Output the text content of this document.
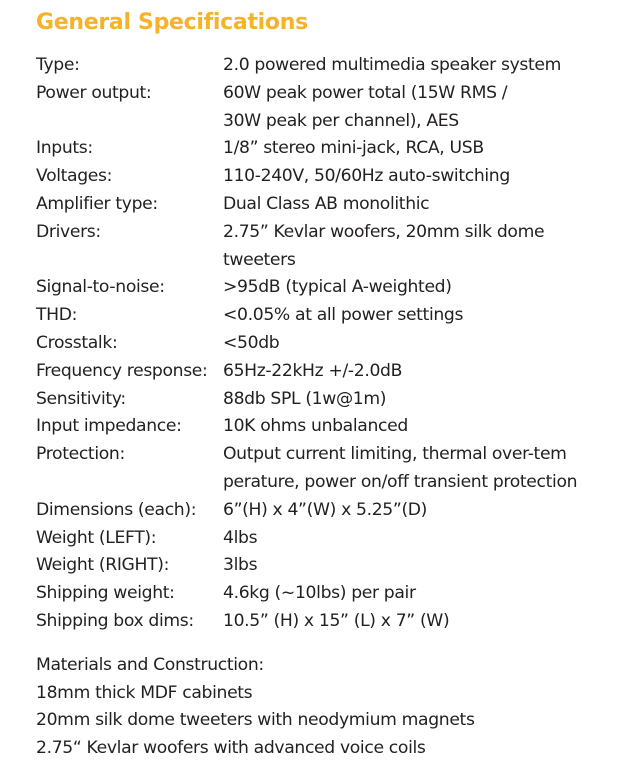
General Specifications
Type:	2.0 powered multimedia speaker system
Power output:	60W peak power total (15W RMS /
30W peak per channel), AES
Inputs:	1/8” stereo mini-jack, RCA, USB
Voltages:	110-240V, 50/60Hz auto-switching
Amplifier type:	Dual Class AB monolithic
Drivers:	2.75” Kevlar woofers, 20mm silk dome
tweeters
Signal-to-noise:	>95dB (typical A-weighted)
THD:	<0.05% at all power settings
Crosstalk:	<50db
Frequency response: 65Hz-22kHz +/-2.0dB
Sensitivity:	88db SPL (1w@1m)
Input impedance:	10K ohms unbalanced
Protection:	Output current limiting, thermal over-tem
perature, power on/off transient protection
Dimensions (each):	6”(H) x 4”(W) x 5.25”(D)
Weight (LEFT):	4lbs
Weight (RIGHT):	3lbs
Shipping weight:	4.6kg (~10lbs) per pair
Shipping box dims:	10.5” (H) x 15” (L) x 7” (W)
Materials and Construction:
18mm thick MDF cabinets
20mm silk dome tweeters with neodymium magnets
2.75“ Kevlar woofers with advanced voice coils
